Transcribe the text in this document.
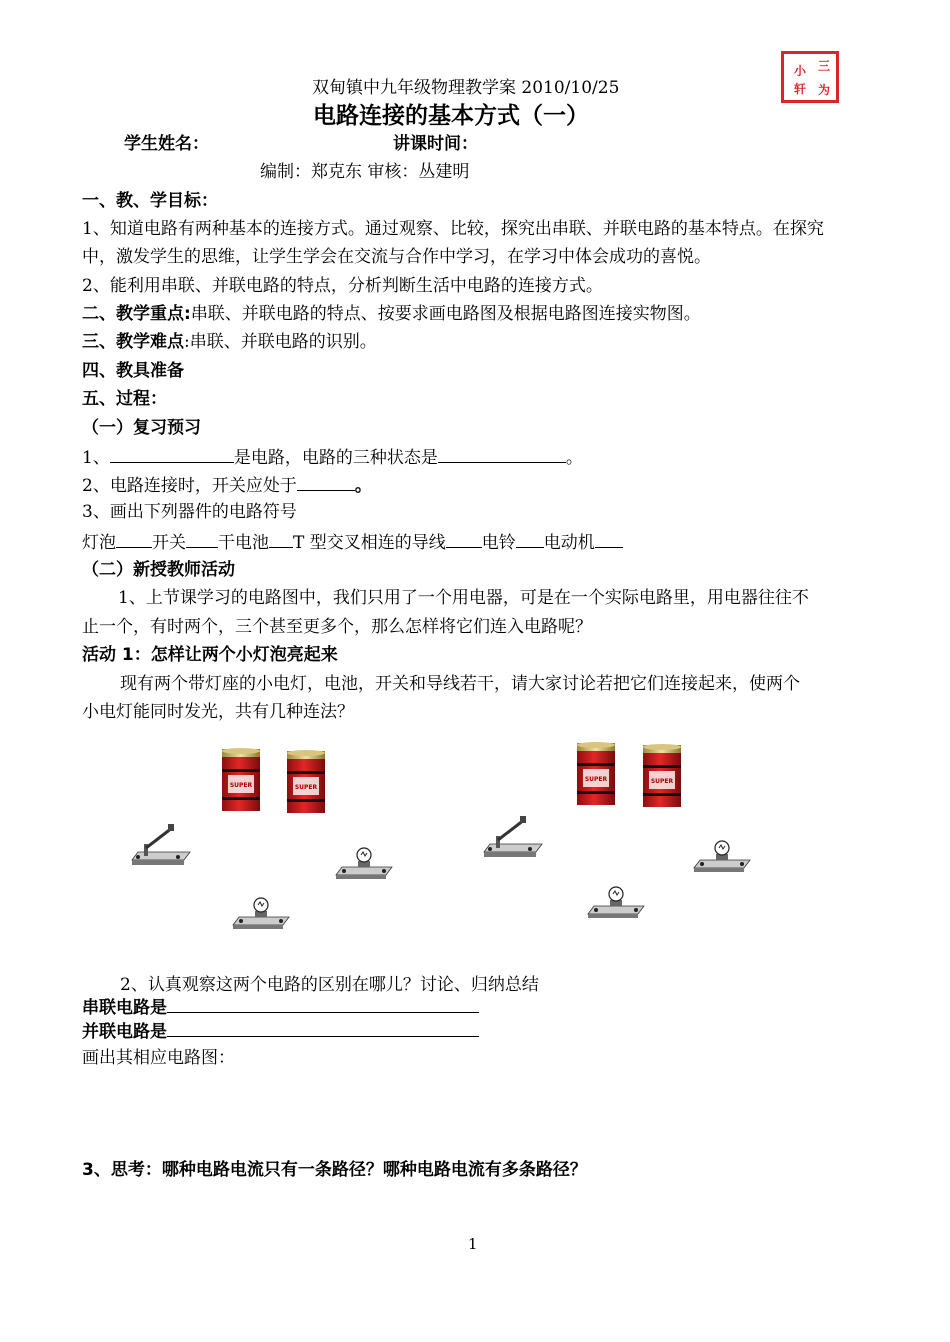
三
小
为
轩
双甸镇中九年级物理教学案 2010/10/25
电路连接的基本方式（一）
学生姓名：	讲课时间：
编制：郑克东 审核：丛建明
一、教、学目标：
1、知道电路有两种基本的连接方式。通过观察、比较，探究出串联、并联电路的基本特点。在探究
中，激发学生的思维，让学生学会在交流与合作中学习，在学习中体会成功的喜悦。
2、能利用串联、并联电路的特点，分析判断生活中电路的连接方式。
二、教学重点:串联、并联电路的特点、按要求画电路图及根据电路图连接实物图。
三、教学难点:串联、并联电路的识别。
四、教具准备
五、过程：
（一）复习预习
1、	是电路，电路的三种状态是	。
2、电路连接时，开关应处于	。
3、画出下列器件的电路符号
灯泡 开关 干电池 T 型交叉相连的导线 电铃 电动机
（二）新授教师活动
1、上节课学习的电路图中，我们只用了一个用电器，可是在一个实际电路里，用电器往往不
止一个，有时两个，三个甚至更多个，那么怎样将它们连入电路呢？
活动 1：怎样让两个小灯泡亮起来
现有两个带灯座的小电灯，电池，开关和导线若干，请大家讨论若把它们连接起来，使两个
小电灯能同时发光，共有几种连法？
SUPER
2、认真观察这两个电路的区别在哪儿？讨论、归纳总结
串联电路是
并联电路是
画出其相应电路图：
3、思考：哪种电路电流只有一条路径？哪种电路电流有多条路径？
1
